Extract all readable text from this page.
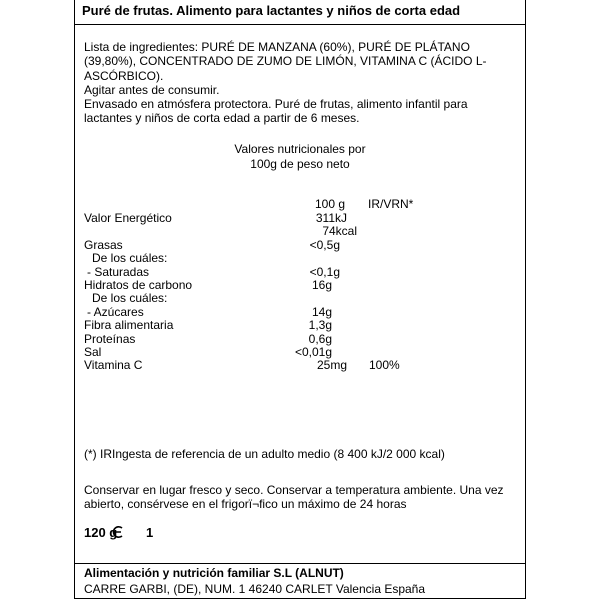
Puré de frutas. Alimento para lactantes y niños de corta edad
Lista de ingredientes: PURÉ DE MANZANA (60%), PURÉ DE PLÁTANO (39,80%), CONCENTRADO DE ZUMO DE LIMÓN, VITAMINA C (ÁCIDO L-ASCÓRBICO).
Agitar antes de consumir.
Envasado en atmósfera protectora. Puré de frutas, alimento infantil para lactantes y niños de corta edad a partir de 6 meses.
Valores nutricionales por
100g de peso neto
100 g IR/VRN*
Valor Energético	311kJ
74kcal
Grasas	<0,5g
De los cuáles:
- Saturadas	<0,1g
Hidratos de carbono	16g
De los cuáles:
- Azúcares	14g
Fibra alimentaria	1,3g
Proteínas	0,6g
Sal	<0,01g
Vitamina C	25mg 100%
(*) IRIngesta de referencia de un adulto medio (8 400 kJ/2 000 kcal)
Conservar en lugar fresco y seco. Conservar a temperatura ambiente. Una vez abierto, consérvese en el frigorï¬fico un máximo de 24 horas
120 g 1
Alimentación y nutrición familiar S.L (ALNUT)
CARRE GARBI, (DE), NUM. 1 46240 CARLET Valencia España
